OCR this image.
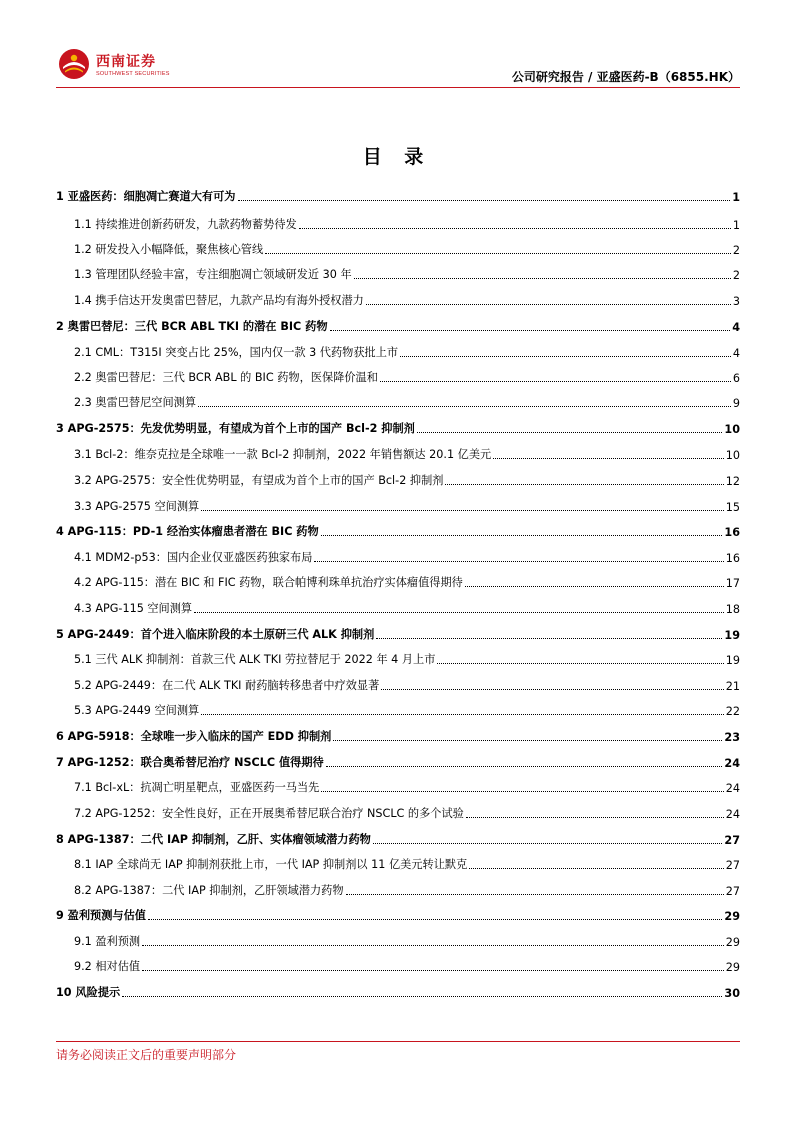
西南证券
SOUTHWEST SECURITIES	公司研究报告 / 亚盛医药-B（6855.HK）
目 录
1 亚盛医药：细胞凋亡赛道大有可为	1
1.1 持续推进创新药研发，九款药物蓄势待发	1
1.2 研发投入小幅降低，聚焦核心管线	2
1.3 管理团队经验丰富，专注细胞凋亡领域研发近 30 年	2
1.4 携手信达开发奥雷巴替尼，九款产品均有海外授权潜力	3
2 奥雷巴替尼：三代 BCR ABL TKI 的潜在 BIC 药物	4
2.1 CML：T315I 突变占比 25%，国内仅一款 3 代药物获批上市	4
2.2 奥雷巴替尼：三代 BCR ABL 的 BIC 药物，医保降价温和	6
2.3 奥雷巴替尼空间测算	9
3 APG-2575：先发优势明显，有望成为首个上市的国产 Bcl-2 抑制剂	10
3.1 Bcl-2：维奈克拉是全球唯一一款 Bcl-2 抑制剂，2022 年销售额达 20.1 亿美元	10
3.2 APG-2575：安全性优势明显，有望成为首个上市的国产 Bcl-2 抑制剂	12
3.3 APG-2575 空间测算	15
4 APG-115：PD-1 经治实体瘤患者潜在 BIC 药物	16
4.1 MDM2-p53：国内企业仅亚盛医药独家布局	16
4.2 APG-115：潜在 BIC 和 FIC 药物，联合帕博利珠单抗治疗实体瘤值得期待	17
4.3 APG-115 空间测算	18
5 APG-2449：首个进入临床阶段的本土原研三代 ALK 抑制剂	19
5.1 三代 ALK 抑制剂：首款三代 ALK TKI 劳拉替尼于 2022 年 4 月上市	19
5.2 APG-2449：在二代 ALK TKI 耐药脑转移患者中疗效显著	21
5.3 APG-2449 空间测算	22
6 APG-5918：全球唯一步入临床的国产 EDD 抑制剂	23
7 APG-1252：联合奥希替尼治疗 NSCLC 值得期待	24
7.1 Bcl-xL：抗凋亡明星靶点，亚盛医药一马当先	24
7.2 APG-1252：安全性良好，正在开展奥希替尼联合治疗 NSCLC 的多个试验	24
8 APG-1387：二代 IAP 抑制剂，乙肝、实体瘤领域潜力药物	27
8.1 IAP 全球尚无 IAP 抑制剂获批上市，一代 IAP 抑制剂以 11 亿美元转让默克	27
8.2 APG-1387：二代 IAP 抑制剂，乙肝领域潜力药物	27
9 盈利预测与估值	29
9.1 盈利预测	29
9.2 相对估值	29
10 风险提示	30
请务必阅读正文后的重要声明部分
